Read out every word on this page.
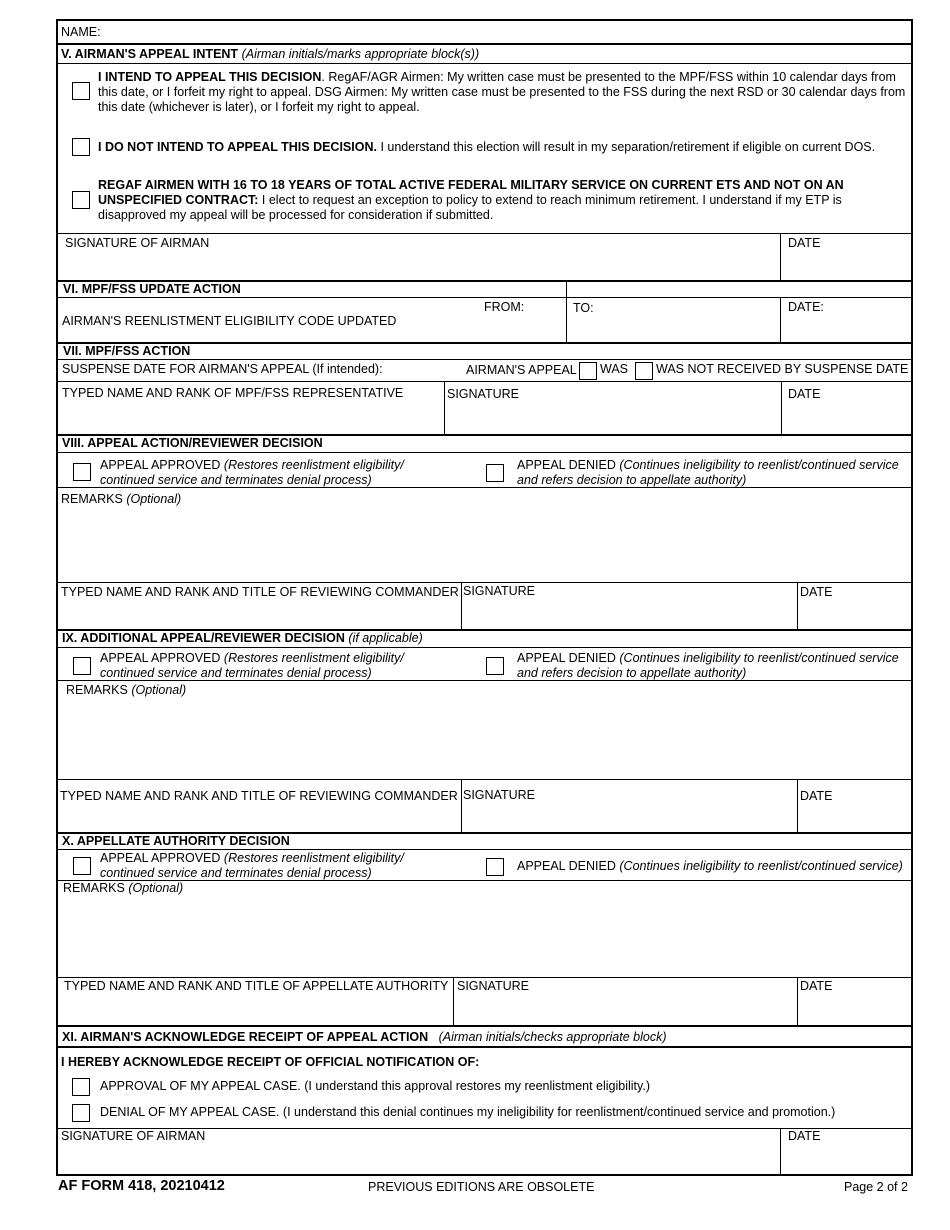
NAME:
V. AIRMAN'S APPEAL INTENT (Airman initials/marks appropriate block(s))
I INTEND TO APPEAL THIS DECISION. RegAF/AGR Airmen: My written case must be presented to the MPF/FSS within 10 calendar days from this date, or I forfeit my right to appeal. DSG Airmen: My written case must be presented to the FSS during the next RSD or 30 calendar days from this date (whichever is later), or I forfeit my right to appeal.
I DO NOT INTEND TO APPEAL THIS DECISION. I understand this election will result in my separation/retirement if eligible on current DOS.
REGAF AIRMEN WITH 16 TO 18 YEARS OF TOTAL ACTIVE FEDERAL MILITARY SERVICE ON CURRENT ETS AND NOT ON AN UNSPECIFIED CONTRACT: I elect to request an exception to policy to extend to reach minimum retirement. I understand if my ETP is disapproved my appeal will be processed for consideration if submitted.
SIGNATURE OF AIRMAN	DATE
VI. MPF/FSS UPDATE ACTION
FROM:
AIRMAN'S REENLISTMENT ELIGIBILITY CODE UPDATED
TO:	DATE:
VII. MPF/FSS ACTION
SUSPENSE DATE FOR AIRMAN'S APPEAL (If intended):	AIRMAN'S APPEAL WAS WAS NOT RECEIVED BY SUSPENSE DATE
TYPED NAME AND RANK OF MPF/FSS REPRESENTATIVE	SIGNATURE	DATE
VIII. APPEAL ACTION/REVIEWER DECISION
APPEAL APPROVED (Restores reenlistment eligibility/
continued service and terminates denial process)
APPEAL DENIED (Continues ineligibility to reenlist/continued service
and refers decision to appellate authority)
REMARKS (Optional)
TYPED NAME AND RANK AND TITLE OF REVIEWING COMMANDER SIGNATURE	DATE
IX. ADDITIONAL APPEAL/REVIEWER DECISION (if applicable)
APPEAL APPROVED (Restores reenlistment eligibility/
continued service and terminates denial process)
APPEAL DENIED (Continues ineligibility to reenlist/continued service
and refers decision to appellate authority)
REMARKS (Optional)
TYPED NAME AND RANK AND TITLE OF REVIEWING COMMANDER SIGNATURE	DATE
X. APPELLATE AUTHORITY DECISION
APPEAL APPROVED (Restores reenlistment eligibility/
continued service and terminates denial process)	APPEAL DENIED (Continues ineligibility to reenlist/continued service)
REMARKS (Optional)
TYPED NAME AND RANK AND TITLE OF APPELLATE AUTHORITY SIGNATURE	DATE
XI. AIRMAN'S ACKNOWLEDGE RECEIPT OF APPEAL ACTION (Airman initials/checks appropriate block)
I HEREBY ACKNOWLEDGE RECEIPT OF OFFICIAL NOTIFICATION OF:
APPROVAL OF MY APPEAL CASE. (I understand this approval restores my reenlistment eligibility.)
DENIAL OF MY APPEAL CASE. (I understand this denial continues my ineligibility for reenlistment/continued service and promotion.)
SIGNATURE OF AIRMAN	DATE
AF FORM 418, 20210412	PREVIOUS EDITIONS ARE OBSOLETE	Page 2 of 2
